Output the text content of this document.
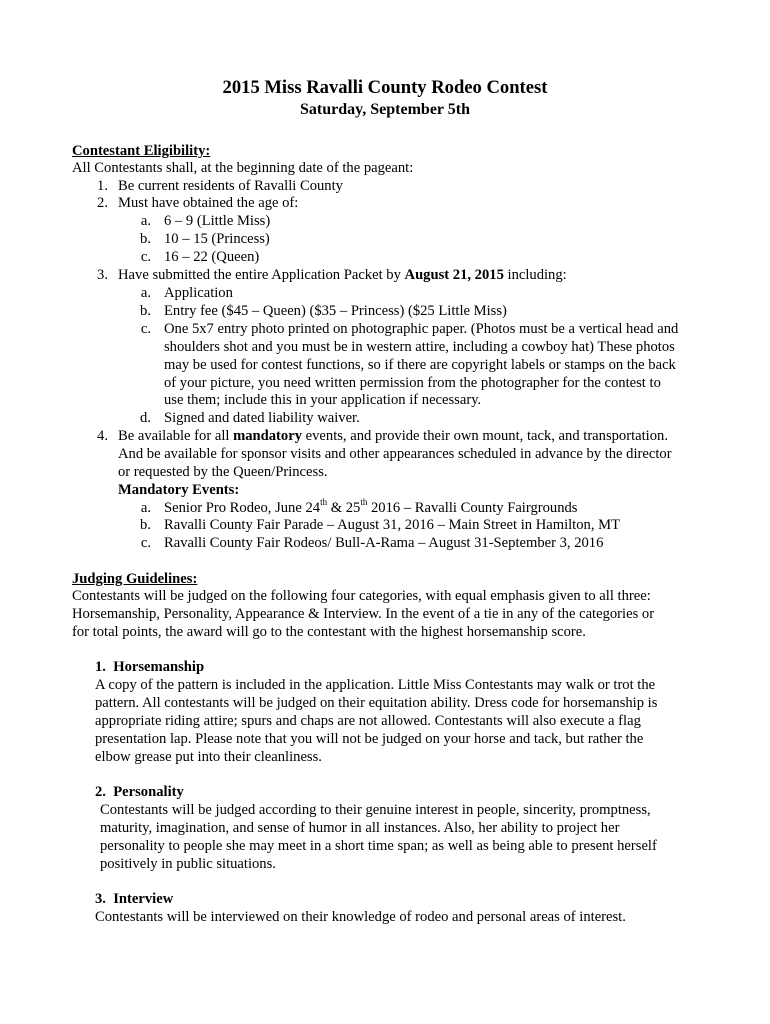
2015 Miss Ravalli County Rodeo Contest
Saturday, September 5th
Contestant Eligibility:
All Contestants shall, at the beginning date of the pageant:
1. Be current residents of Ravalli County
2. Must have obtained the age of:
a. 6 – 9 (Little Miss)
b. 10 – 15 (Princess)
c. 16 – 22 (Queen)
3. Have submitted the entire Application Packet by August 21, 2015 including:
a. Application
b. Entry fee ($45 – Queen) ($35 – Princess) ($25 Little Miss)
c. One 5x7 entry photo printed on photographic paper. (Photos must be a vertical head and
shoulders shot and you must be in western attire, including a cowboy hat) These photos
may be used for contest functions, so if there are copyright labels or stamps on the back
of your picture, you need written permission from the photographer for the contest to
use them; include this in your application if necessary.
d. Signed and dated liability waiver.
4. Be available for all mandatory events, and provide their own mount, tack, and transportation.
And be available for sponsor visits and other appearances scheduled in advance by the director
or requested by the Queen/Princess.
Mandatory Events:
a. Senior Pro Rodeo, June 24th & 25th 2016 – Ravalli County Fairgrounds
b. Ravalli County Fair Parade – August 31, 2016 – Main Street in Hamilton, MT
c. Ravalli County Fair Rodeos/ Bull-A-Rama – August 31-September 3, 2016
Judging Guidelines:
Contestants will be judged on the following four categories, with equal emphasis given to all three:
Horsemanship, Personality, Appearance & Interview. In the event of a tie in any of the categories or
for total points, the award will go to the contestant with the highest horsemanship score.
1. Horsemanship
A copy of the pattern is included in the application. Little Miss Contestants may walk or trot the
pattern. All contestants will be judged on their equitation ability. Dress code for horsemanship is
appropriate riding attire; spurs and chaps are not allowed. Contestants will also execute a flag
presentation lap. Please note that you will not be judged on your horse and tack, but rather the
elbow grease put into their cleanliness.
2. Personality
Contestants will be judged according to their genuine interest in people, sincerity, promptness,
maturity, imagination, and sense of humor in all instances. Also, her ability to project her
personality to people she may meet in a short time span; as well as being able to present herself
positively in public situations.
3. Interview
Contestants will be interviewed on their knowledge of rodeo and personal areas of interest.
